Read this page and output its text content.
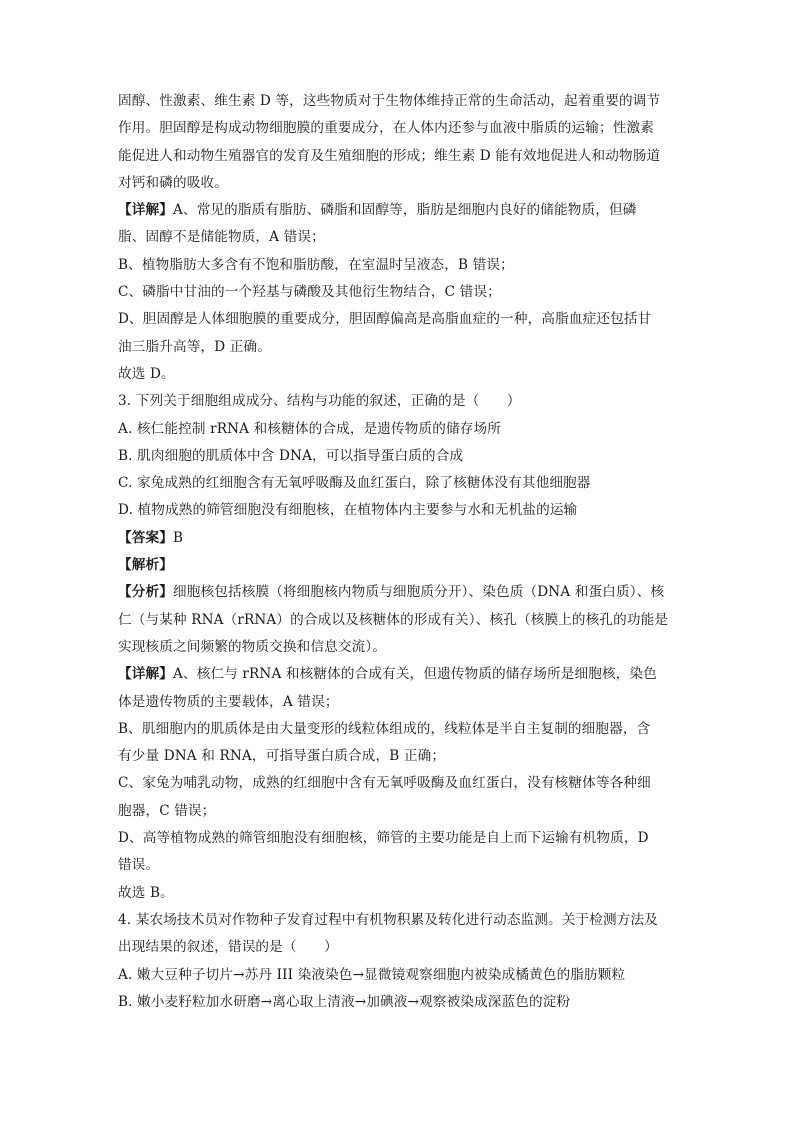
固醇、性激素、维生素 D 等，这些物质对于生物体维持正常的生命活动，起着重要的调节
作用。胆固醇是构成动物细胞膜的重要成分，在人体内还参与血液中脂质的运输；性激素
能促进人和动物生殖器官的发育及生殖细胞的形成；维生素 D 能有效地促进人和动物肠道
对钙和磷的吸收。
【详解】A、常见的脂质有脂肪、磷脂和固醇等，脂肪是细胞内良好的储能物质，但磷
脂、固醇不是储能物质，A 错误；
B、植物脂肪大多含有不饱和脂肪酸，在室温时呈液态，B 错误；
C、磷脂中甘油的一个羟基与磷酸及其他衍生物结合，C 错误；
D、胆固醇是人体细胞膜的重要成分，胆固醇偏高是高脂血症的一种，高脂血症还包括甘
油三脂升高等，D 正确。
故选 D。
3. 下列关于细胞组成成分、结构与功能的叙述，正确的是（　　）
A. 核仁能控制 rRNA 和核糖体的合成，是遗传物质的储存场所
B. 肌肉细胞的肌质体中含 DNA，可以指导蛋白质的合成
C. 家兔成熟的红细胞含有无氧呼吸酶及血红蛋白，除了核糖体没有其他细胞器
D. 植物成熟的筛管细胞没有细胞核，在植物体内主要参与水和无机盐的运输
【答案】B
【解析】
【分析】细胞核包括核膜（将细胞核内物质与细胞质分开）、染色质（DNA 和蛋白质）、核
仁（与某种 RNA（rRNA）的合成以及核糖体的形成有关）、核孔（核膜上的核孔的功能是
实现核质之间频繁的物质交换和信息交流）。
【详解】A、核仁与 rRNA 和核糖体的合成有关，但遗传物质的储存场所是细胞核，染色
体是遗传物质的主要载体，A 错误；
B、肌细胞内的肌质体是由大量变形的线粒体组成的，线粒体是半自主复制的细胞器，含
有少量 DNA 和 RNA，可指导蛋白质合成，B 正确；
C、家兔为哺乳动物，成熟的红细胞中含有无氧呼吸酶及血红蛋白，没有核糖体等各种细
胞器，C 错误；
D、高等植物成熟的筛管细胞没有细胞核，筛管的主要功能是自上而下运输有机物质，D
错误。
故选 B。
4. 某农场技术员对作物种子发育过程中有机物积累及转化进行动态监测。关于检测方法及
出现结果的叙述，错误的是（　　）
A. 嫩大豆种子切片→苏丹 III 染液染色→显微镜观察细胞内被染成橘黄色的脂肪颗粒
B. 嫩小麦籽粒加水研磨→离心取上清液→加碘液→观察被染成深蓝色的淀粉
